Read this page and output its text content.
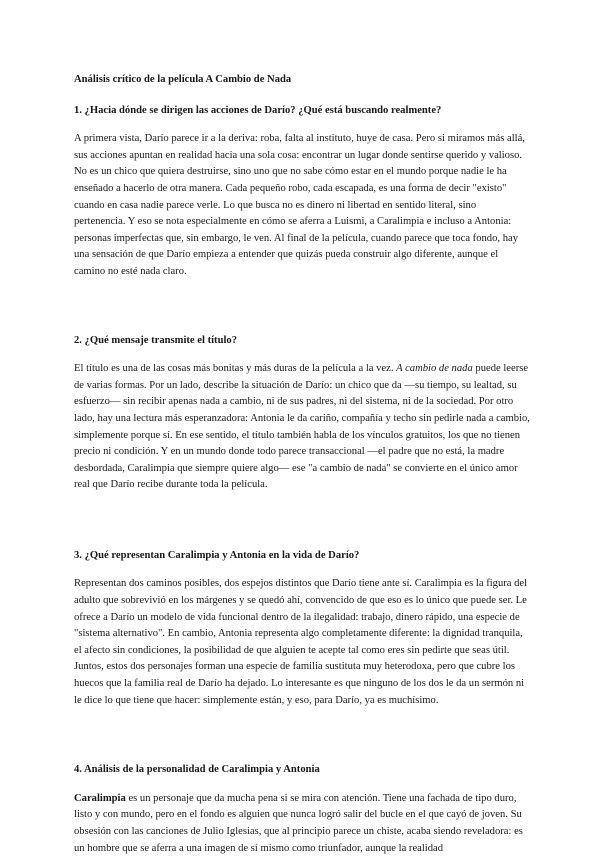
Análisis crítico de la película A Cambio de Nada

1. ¿Hacia dónde se dirigen las acciones de Darío? ¿Qué está buscando realmente?

A primera vista, Darío parece ir a la deriva: roba, falta al instituto, huye de casa. Pero si miramos más allá, sus acciones apuntan en realidad hacia una sola cosa: encontrar un lugar donde sentirse querido y valioso. No es un chico que quiera destruirse, sino uno que no sabe cómo estar en el mundo porque nadie le ha enseñado a hacerlo de otra manera. Cada pequeño robo, cada escapada, es una forma de decir "existo" cuando en casa nadie parece verle. Lo que busca no es dinero ni libertad en sentido literal, sino pertenencia. Y eso se nota especialmente en cómo se aferra a Luismi, a Caralimpia e incluso a Antonia: personas imperfectas que, sin embargo, le ven. Al final de la película, cuando parece que toca fondo, hay una sensación de que Darío empieza a entender que quizás pueda construir algo diferente, aunque el camino no esté nada claro.

2. ¿Qué mensaje transmite el título?

El título es una de las cosas más bonitas y más duras de la película a la vez. A cambio de nada puede leerse de varias formas. Por un lado, describe la situación de Darío: un chico que da —su tiempo, su lealtad, su esfuerzo— sin recibir apenas nada a cambio, ni de sus padres, ni del sistema, ni de la sociedad. Por otro lado, hay una lectura más esperanzadora: Antonia le da cariño, compañía y techo sin pedirle nada a cambio, simplemente porque sí. En ese sentido, el título también habla de los vínculos gratuitos, los que no tienen precio ni condición. Y en un mundo donde todo parece transaccional —el padre que no está, la madre desbordada, Caralimpia que siempre quiere algo— ese "a cambio de nada" se convierte en el único amor real que Darío recibe durante toda la película.

3. ¿Qué representan Caralimpia y Antonia en la vida de Darío?

Representan dos caminos posibles, dos espejos distintos que Darío tiene ante sí. Caralimpia es la figura del adulto que sobrevivió en los márgenes y se quedó ahí, convencido de que eso es lo único que puede ser. Le ofrece a Darío un modelo de vida funcional dentro de la ilegalidad: trabajo, dinero rápido, una especie de "sistema alternativo". En cambio, Antonia representa algo completamente diferente: la dignidad tranquila, el afecto sin condiciones, la posibilidad de que alguien te acepte tal como eres sin pedirte que seas útil. Juntos, estos dos personajes forman una especie de familia sustituta muy heterodoxa, pero que cubre los huecos que la familia real de Darío ha dejado. Lo interesante es que ninguno de los dos le da un sermón ni le dice lo que tiene que hacer: simplemente están, y eso, para Darío, ya es muchísimo.

4. Análisis de la personalidad de Caralimpia y Antonia

Caralimpia es un personaje que da mucha pena si se mira con atención. Tiene una fachada de tipo duro, listo y con mundo, pero en el fondo es alguien que nunca logró salir del bucle en el que cayó de joven. Su obsesión con las canciones de Julio Iglesias, que al principio parece un chiste, acaba siendo reveladora: es un hombre que se aferra a una imagen de sí mismo como triunfador, aunque la realidad
